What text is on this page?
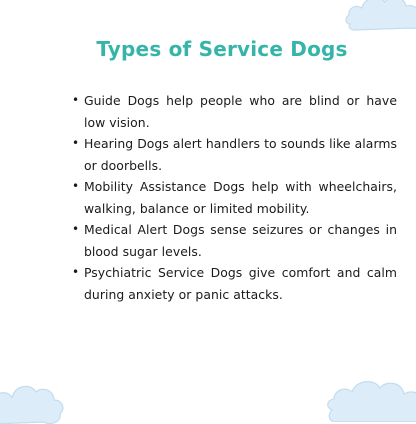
Types of Service Dogs
• Guide Dogs help people who are blind or have low vision.
• Hearing Dogs alert handlers to sounds like alarms or doorbells.
• Mobility Assistance Dogs help with wheelchairs, walking, balance or limited mobility.
• Medical Alert Dogs sense seizures or changes in blood sugar levels.
• Psychiatric Service Dogs give comfort and calm during anxiety or panic attacks.
